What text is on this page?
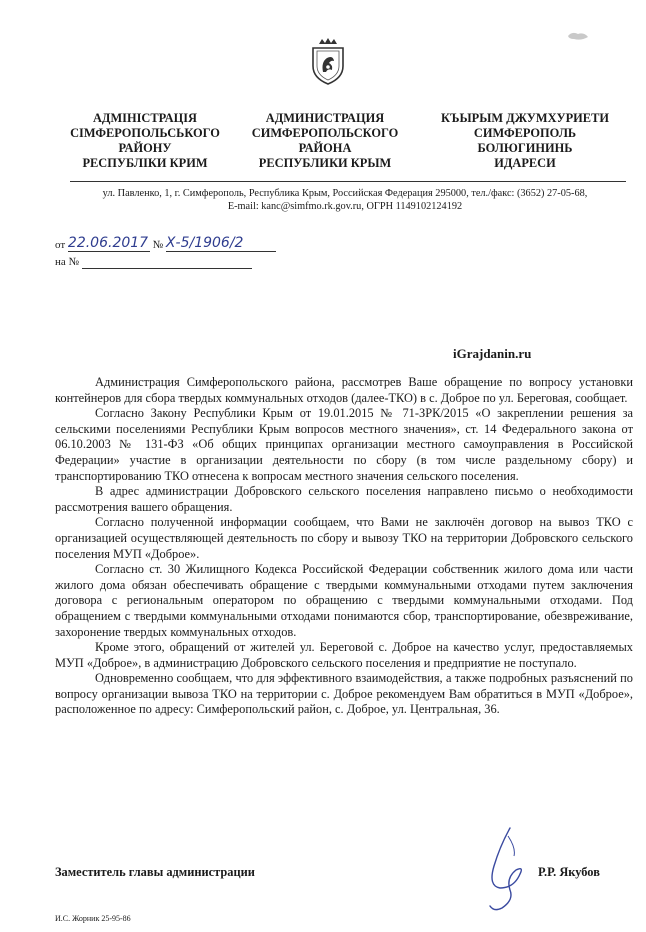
АДМІНІСТРАЦІЯ
СІМФЕРОПОЛЬСЬКОГО
РАЙОНУ
РЕСПУБЛІКИ КРИМ
АДМИНИСТРАЦИЯ
СИМФЕРОПОЛЬСКОГО
РАЙОНА
РЕСПУБЛИКИ КРЫМ
КЪЫРЫМ ДЖУМХУРИЕТИ
СИМФЕРОПОЛЬ
БОЛЮГИНИНЬ
ИДАРЕСИ
ул. Павленко, 1, г. Симферополь, Республика Крым, Российская Федерация 295000, тел./факс: (3652) 27-05-68,
E-mail: kanc@simfmo.rk.gov.ru, ОГРН 1149102124192
от 22.06.2017 № Х-5/1906/2
на №
iGrajdanin.ru

Администрация Симферопольского района, рассмотрев Ваше обращение по вопросу установки контейнеров для сбора твердых коммунальных отходов (далее-ТКО) в с. Доброе по ул. Береговая, сообщает.

Согласно Закону Республики Крым от 19.01.2015 № 71-ЗРК/2015 «О закреплении решения за сельскими поселениями Республики Крым вопросов местного значения», ст. 14 Федерального закона от 06.10.2003 № 131-ФЗ «Об общих принципах организации местного самоуправления в Российской Федерации» участие в организации деятельности по сбору (в том числе раздельному сбору) и транспортированию ТКО отнесена к вопросам местного значения сельского поселения.

В адрес администрации Добровского сельского поселения направлено письмо о необходимости рассмотрения вашего обращения.

Согласно полученной информации сообщаем, что Вами не заключён договор на вывоз ТКО с организацией осуществляющей деятельность по сбору и вывозу ТКО на территории Добровского сельского поселения МУП «Доброе».

Согласно ст. 30 Жилищного Кодекса Российской Федерации собственник жилого дома или части жилого дома обязан обеспечивать обращение с твердыми коммунальными отходами путем заключения договора с региональным оператором по обращению с твердыми коммунальными отходами. Под обращением с твердыми коммунальными отходами понимаются сбор, транспортирование, обезвреживание, захоронение твердых коммунальных отходов.

Кроме этого, обращений от жителей ул. Береговой с. Доброе на качество услуг, предоставляемых МУП «Доброе», в администрацию Добровского сельского поселения и предприятие не поступало.

Одновременно сообщаем, что для эффективного взаимодействия, а также подробных разъяснений по вопросу организации вывоза ТКО на территории с. Доброе рекомендуем Вам обратиться в МУП «Доброе», расположенное по адресу: Симферопольский район, с. Доброе, ул. Центральная, 36.

Заместитель главы администрации	Р.Р. Якубов
И.С. Жорник 25-95-86
